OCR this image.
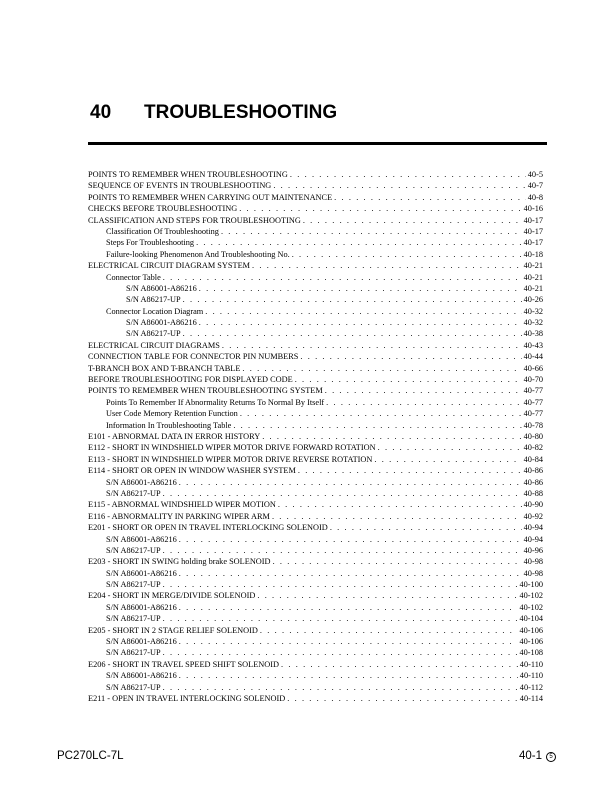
40 TROUBLESHOOTING
POINTS TO REMEMBER WHEN TROUBLESHOOTING . . .	40-5
SEQUENCE OF EVENTS IN TROUBLESHOOTING . . .	40-7
POINTS TO REMEMBER WHEN CARRYING OUT MAINTENANCE . . .	40-8
CHECKS BEFORE TROUBLESHOOTING . . .	40-16
CLASSIFICATION AND STEPS FOR TROUBLESHOOTING . . .	40-17
Classification Of Troubleshooting . . .	40-17
Steps For Troubleshooting . . .	40-17
Failure-looking Phenomenon And Troubleshooting No. . . .	40-18
ELECTRICAL CIRCUIT DIAGRAM SYSTEM . . .	40-21
Connector Table . . .	40-21
S/N A86001-A86216 . . .	40-21
S/N A86217-UP . . .	40-26
Connector Location Diagram . . .	40-32
S/N A86001-A86216 . . .	40-32
S/N A86217-UP . . .	40-38
ELECTRICAL CIRCUIT DIAGRAMS . . .	40-43
CONNECTION TABLE FOR CONNECTOR PIN NUMBERS . . .	40-44
T-BRANCH BOX AND T-BRANCH TABLE . . .	40-66
BEFORE TROUBLESHOOTING FOR DISPLAYED CODE . . .	40-70
POINTS TO REMEMBER WHEN TROUBLESHOOTING SYSTEM . . .	40-77
Points To Remember If Abnormality Returns To Normal By Itself . . .	40-77
User Code Memory Retention Function . . .	40-77
Information In Troubleshooting Table . . .	40-78
E101 - ABNORMAL DATA IN ERROR HISTORY . . .	40-80
E112 - SHORT IN WINDSHIELD WIPER MOTOR DRIVE FORWARD ROTATION . . .	40-82
E113 - SHORT IN WINDSHIELD WIPER MOTOR DRIVE REVERSE ROTATION . . .	40-84
E114 - SHORT OR OPEN IN WINDOW WASHER SYSTEM . . .	40-86
S/N A86001-A86216 . . .	40-86
S/N A86217-UP . . .	40-88
E115 - ABNORMAL WINDSHIELD WIPER MOTION . . .	40-90
E116 - ABNORMALITY IN PARKING WIPER ARM . . .	40-92
E201 - SHORT OR OPEN IN TRAVEL INTERLOCKING SOLENOID . . .	40-94
S/N A86001-A86216 . . .	40-94
S/N A86217-UP . . .	40-96
E203 - SHORT IN SWING holding brake SOLENOID . . .	40-98
S/N A86001-A86216 . . .	40-98
S/N A86217-UP . . .	40-100
E204 - SHORT IN MERGE/DIVIDE SOLENOID . . .	40-102
S/N A86001-A86216 . . .	40-102
S/N A86217-UP . . .	40-104
E205 - SHORT IN 2 STAGE RELIEF SOLENOID . . .	40-106
S/N A86001-A86216 . . .	40-106
S/N A86217-UP . . .	40-108
E206 - SHORT IN TRAVEL SPEED SHIFT SOLENOID . . .	40-110
S/N A86001-A86216 . . .	40-110
S/N A86217-UP . . .	40-112
E211 - OPEN IN TRAVEL INTERLOCKING SOLENOID . . .	40-114
PC270LC-7L	40-1 5
